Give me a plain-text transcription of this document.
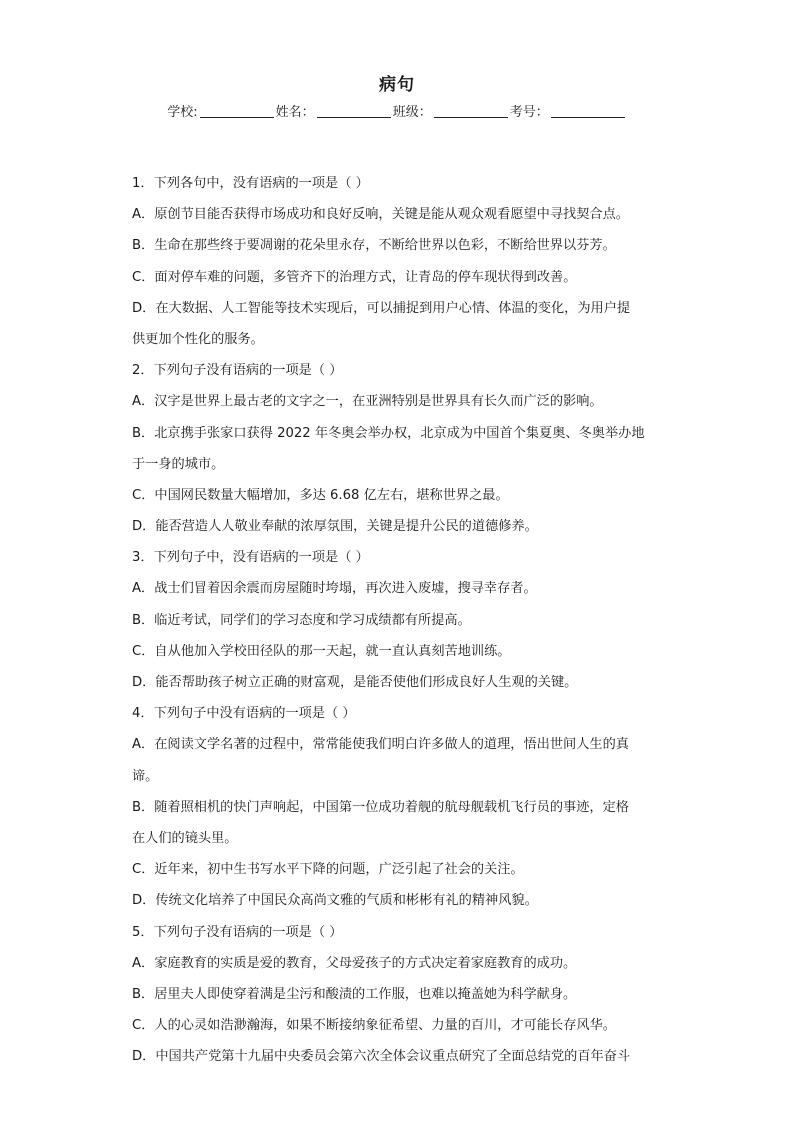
病句
学校:	姓名：	班级：	考号：
1．下列各句中，没有语病的一项是（ ）
A．原创节目能否获得市场成功和良好反响，关键是能从观众观看愿望中寻找契合点。
B．生命在那些终于要凋谢的花朵里永存，不断给世界以色彩，不断给世界以芬芳。
C．面对停车难的问题，多管齐下的治理方式，让青岛的停车现状得到改善。
D．在大数据、人工智能等技术实现后，可以捕捉到用户心情、体温的变化，为用户提
供更加个性化的服务。
2．下列句子没有语病的一项是（ ）
A．汉字是世界上最古老的文字之一，在亚洲特别是世界具有长久而广泛的影响。
B．北京携手张家口获得 2022 年冬奥会举办权，北京成为中国首个集夏奥、冬奥举办地
于一身的城市。
C．中国网民数量大幅增加，多达 6.68 亿左右，堪称世界之最。
D．能否营造人人敬业奉献的浓厚氛围，关键是提升公民的道德修养。
3．下列句子中，没有语病的一项是（ ）
A．战士们冒着因余震而房屋随时垮塌，再次进入废墟，搜寻幸存者。
B．临近考试，同学们的学习态度和学习成绩都有所提高。
C．自从他加入学校田径队的那一天起，就一直认真刻苦地训练。
D．能否帮助孩子树立正确的财富观，是能否使他们形成良好人生观的关键。
4．下列句子中没有语病的一项是（ ）
A．在阅读文学名著的过程中，常常能使我们明白许多做人的道理，悟出世间人生的真
谛。
B．随着照相机的快门声响起，中国第一位成功着舰的航母舰载机飞行员的事迹，定格
在人们的镜头里。
C．近年来，初中生书写水平下降的问题，广泛引起了社会的关注。
D．传统文化培养了中国民众高尚文雅的气质和彬彬有礼的精神风貌。
5．下列句子没有语病的一项是（ ）
A．家庭教育的实质是爱的教育，父母爱孩子的方式决定着家庭教育的成功。
B．居里夫人即使穿着满是尘污和酸渍的工作服，也难以掩盖她为科学献身。
C．人的心灵如浩渺瀚海，如果不断接纳象征希望、力量的百川，才可能长存风华。
D．中国共产党第十九届中央委员会第六次全体会议重点研究了全面总结党的百年奋斗
